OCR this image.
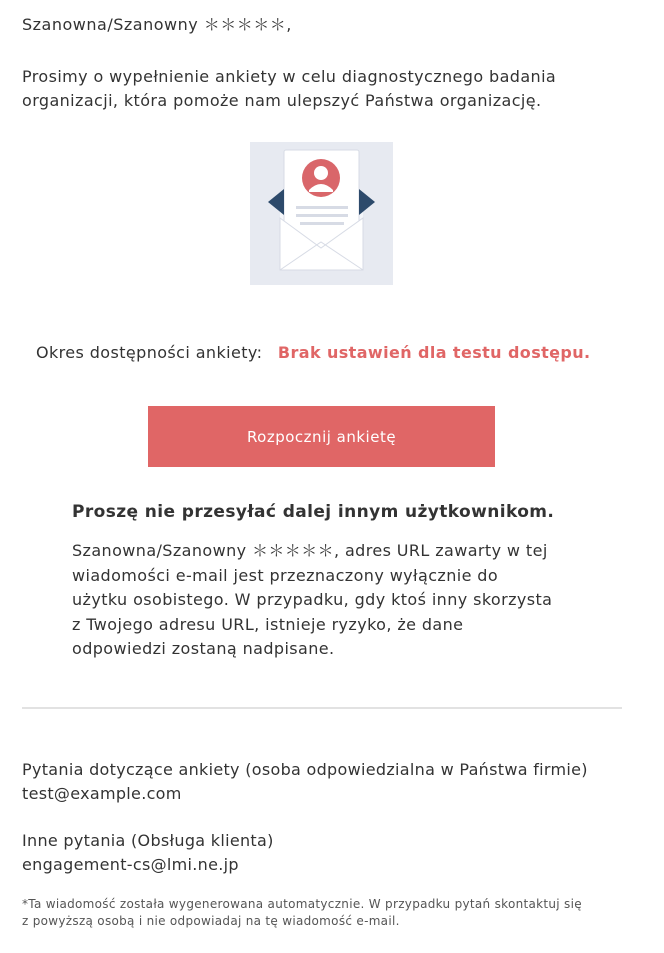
Szanowna/Szanowny ＊＊＊＊＊,
Prosimy o wypełnienie ankiety w celu diagnostycznego badania
organizacji, która pomoże nam ulepszyć Państwa organizację.
Okres dostępności ankiety: Brak ustawień dla testu dostępu.
Rozpocznij ankietę
Proszę nie przesyłać dalej innym użytkownikom.
Szanowna/Szanowny ＊＊＊＊＊, adres URL zawarty w tej
wiadomości e-mail jest przeznaczony wyłącznie do
użytku osobistego. W przypadku, gdy ktoś inny skorzysta
z Twojego adresu URL, istnieje ryzyko, że dane
odpowiedzi zostaną nadpisane.
Pytania dotyczące ankiety (osoba odpowiedzialna w Państwa firmie)
test@example.com
Inne pytania (Obsługa klienta)
engagement-cs@lmi.ne.jp
*Ta wiadomość została wygenerowana automatycznie. W przypadku pytań skontaktuj się
z powyższą osobą i nie odpowiadaj na tę wiadomość e-mail.
